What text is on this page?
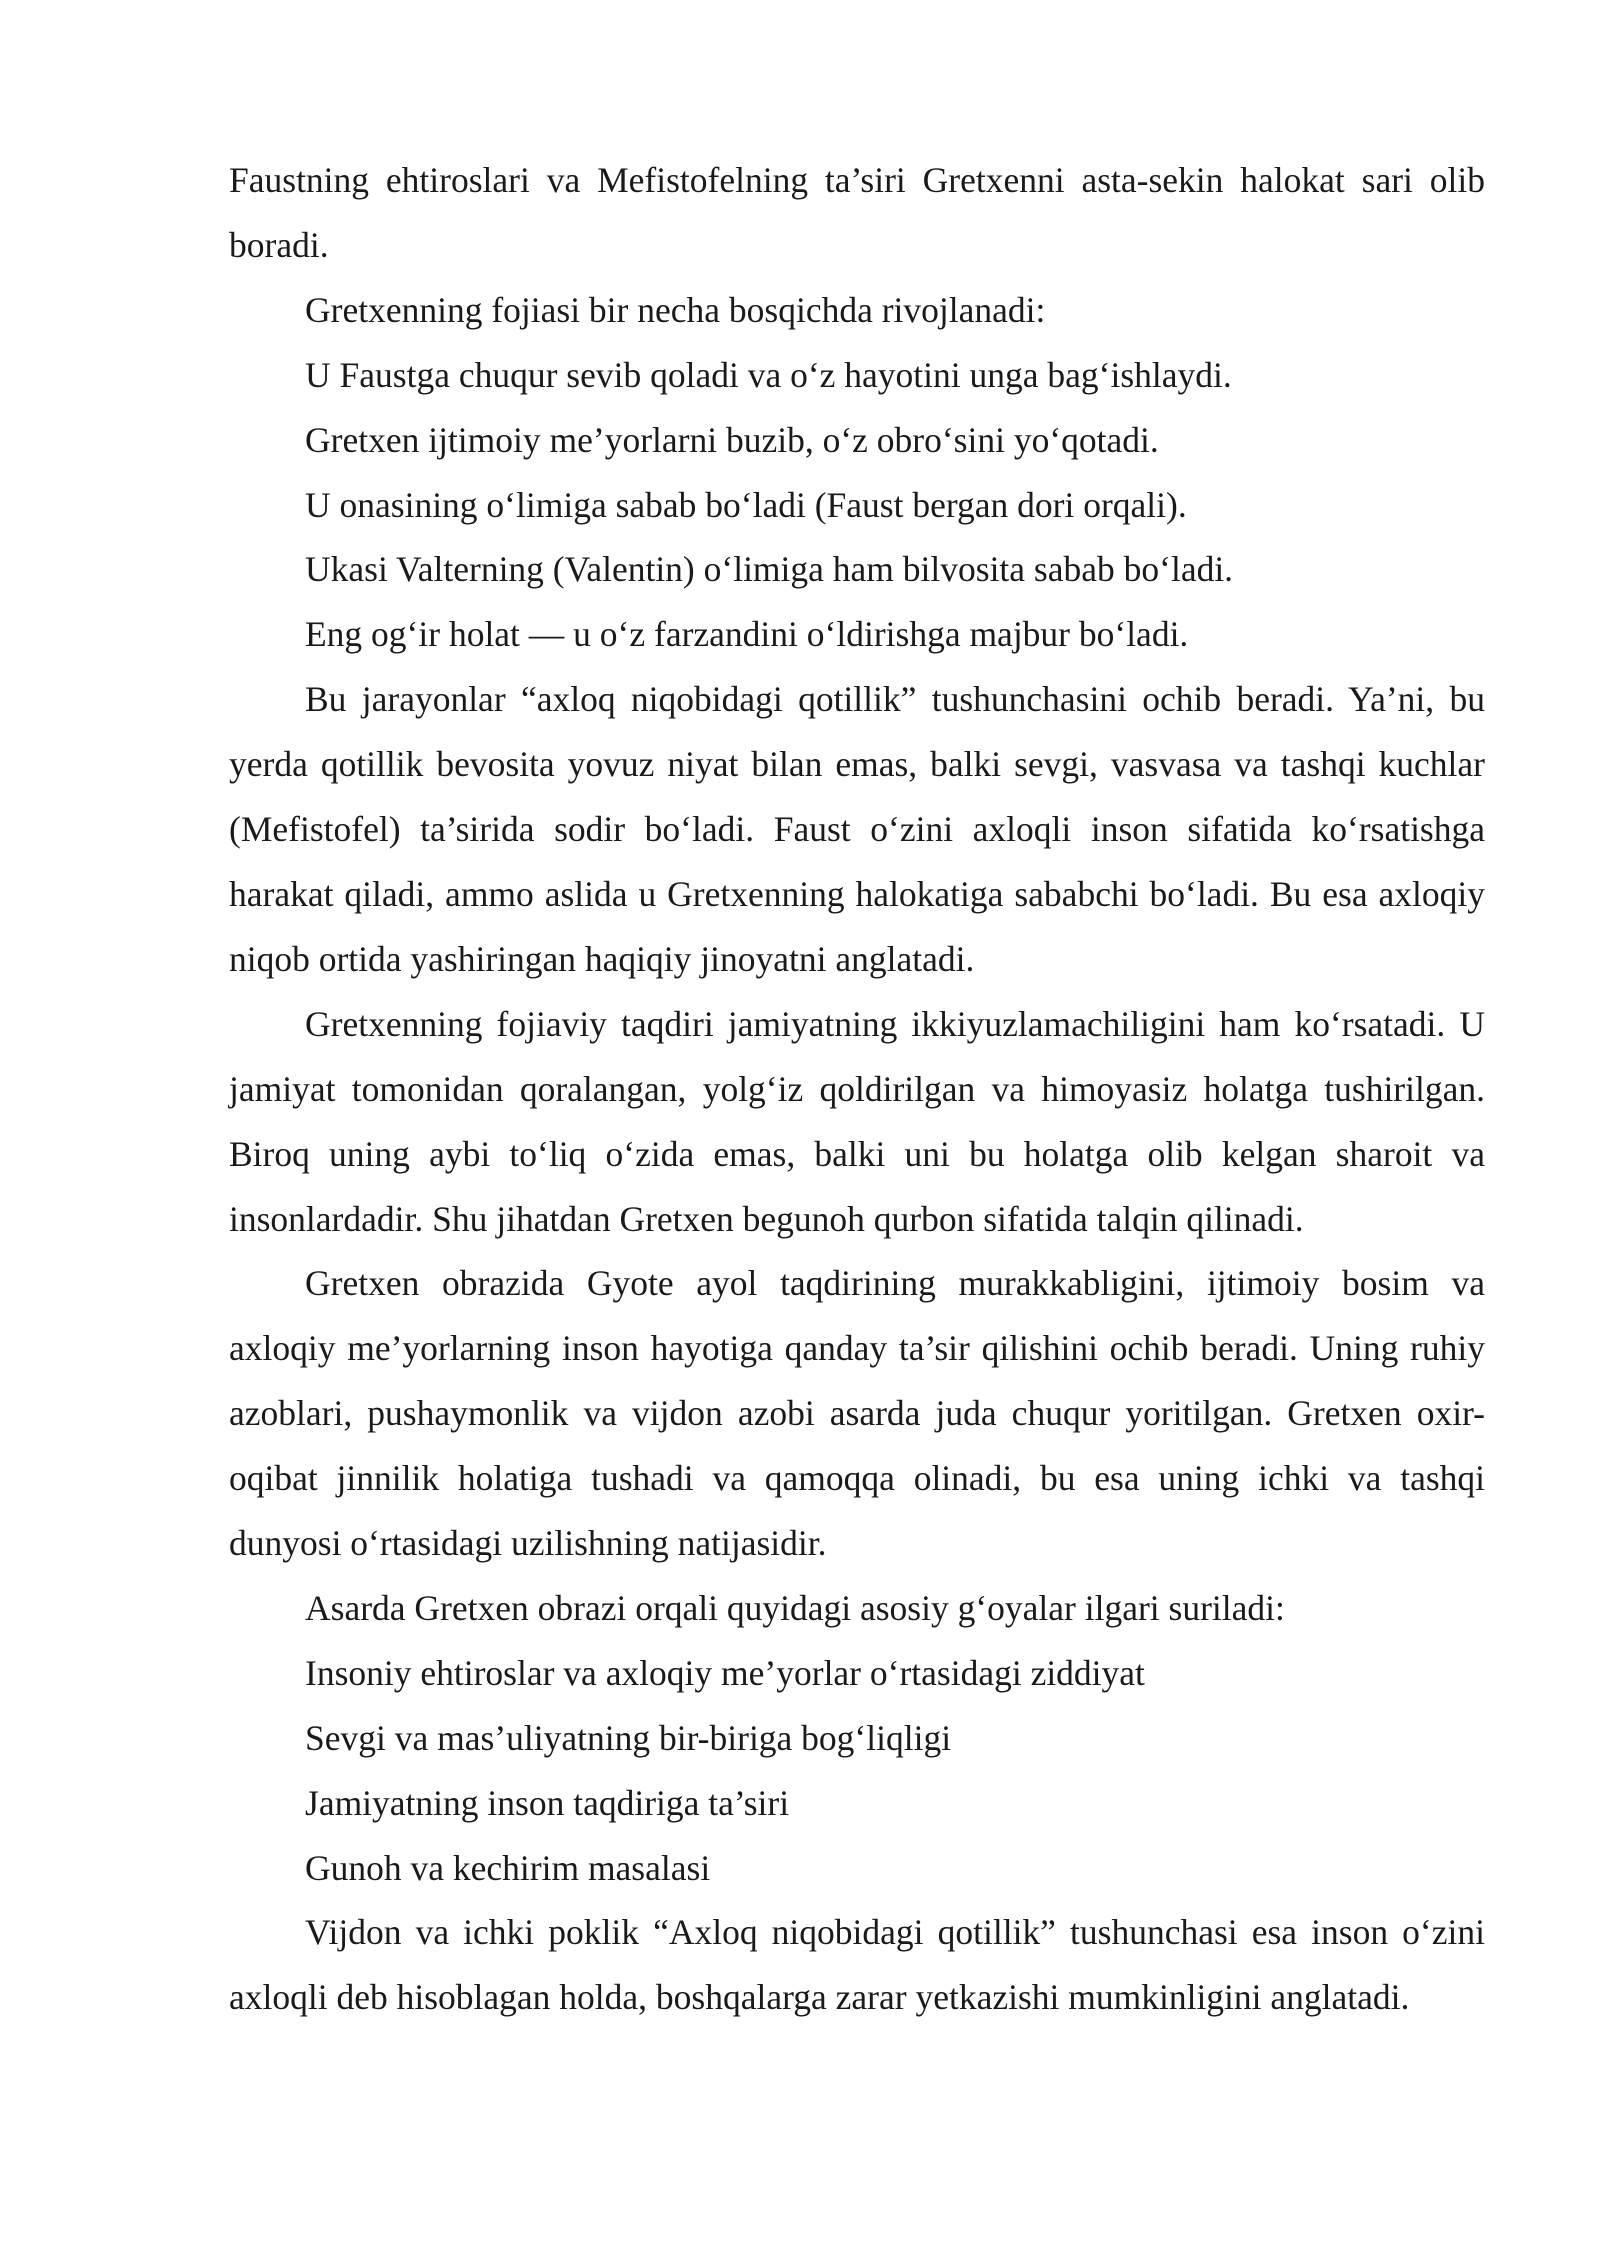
Faustning ehtiroslari va Mefistofelning ta’siri Gretxenni asta-sekin halokat sari olib boradi.

Gretxenning fojiasi bir necha bosqichda rivojlanadi:

U Faustga chuqur sevib qoladi va o‘z hayotini unga bag‘ishlaydi.

Gretxen ijtimoiy me’yorlarni buzib, o‘z obro‘sini yo‘qotadi.

U onasining o‘limiga sabab bo‘ladi (Faust bergan dori orqali).

Ukasi Valterning (Valentin) o‘limiga ham bilvosita sabab bo‘ladi.

Eng og‘ir holat — u o‘z farzandini o‘ldirishga majbur bo‘ladi.

Bu jarayonlar “axloq niqobidagi qotillik” tushunchasini ochib beradi. Ya’ni, bu yerda qotillik bevosita yovuz niyat bilan emas, balki sevgi, vasvasa va tashqi kuchlar (Mefistofel) ta’sirida sodir bo‘ladi. Faust o‘zini axloqli inson sifatida ko‘rsatishga harakat qiladi, ammo aslida u Gretxenning halokatiga sababchi bo‘ladi. Bu esa axloqiy niqob ortida yashiringan haqiqiy jinoyatni anglatadi.

Gretxenning fojiaviy taqdiri jamiyatning ikkiyuzlamachiligini ham ko‘rsatadi. U jamiyat tomonidan qoralangan, yolg‘iz qoldirilgan va himoyasiz holatga tushirilgan. Biroq uning aybi to‘liq o‘zida emas, balki uni bu holatga olib kelgan sharoit va insonlardadir. Shu jihatdan Gretxen begunoh qurbon sifatida talqin qilinadi.

Gretxen obrazida Gyote ayol taqdirining murakkabligini, ijtimoiy bosim va axloqiy me’yorlarning inson hayotiga qanday ta’sir qilishini ochib beradi. Uning ruhiy azoblari, pushaymonlik va vijdon azobi asarda juda chuqur yoritilgan. Gretxen oxir-oqibat jinnilik holatiga tushadi va qamoqqa olinadi, bu esa uning ichki va tashqi dunyosi o‘rtasidagi uzilishning natijasidir.

Asarda Gretxen obrazi orqali quyidagi asosiy g‘oyalar ilgari suriladi:

Insoniy ehtiroslar va axloqiy me’yorlar o‘rtasidagi ziddiyat

Sevgi va mas’uliyatning bir-biriga bog‘liqligi

Jamiyatning inson taqdiriga ta’siri

Gunoh va kechirim masalasi

Vijdon va ichki poklik “Axloq niqobidagi qotillik” tushunchasi esa inson o‘zini axloqli deb hisoblagan holda, boshqalarga zarar yetkazishi mumkinligini anglatadi.
